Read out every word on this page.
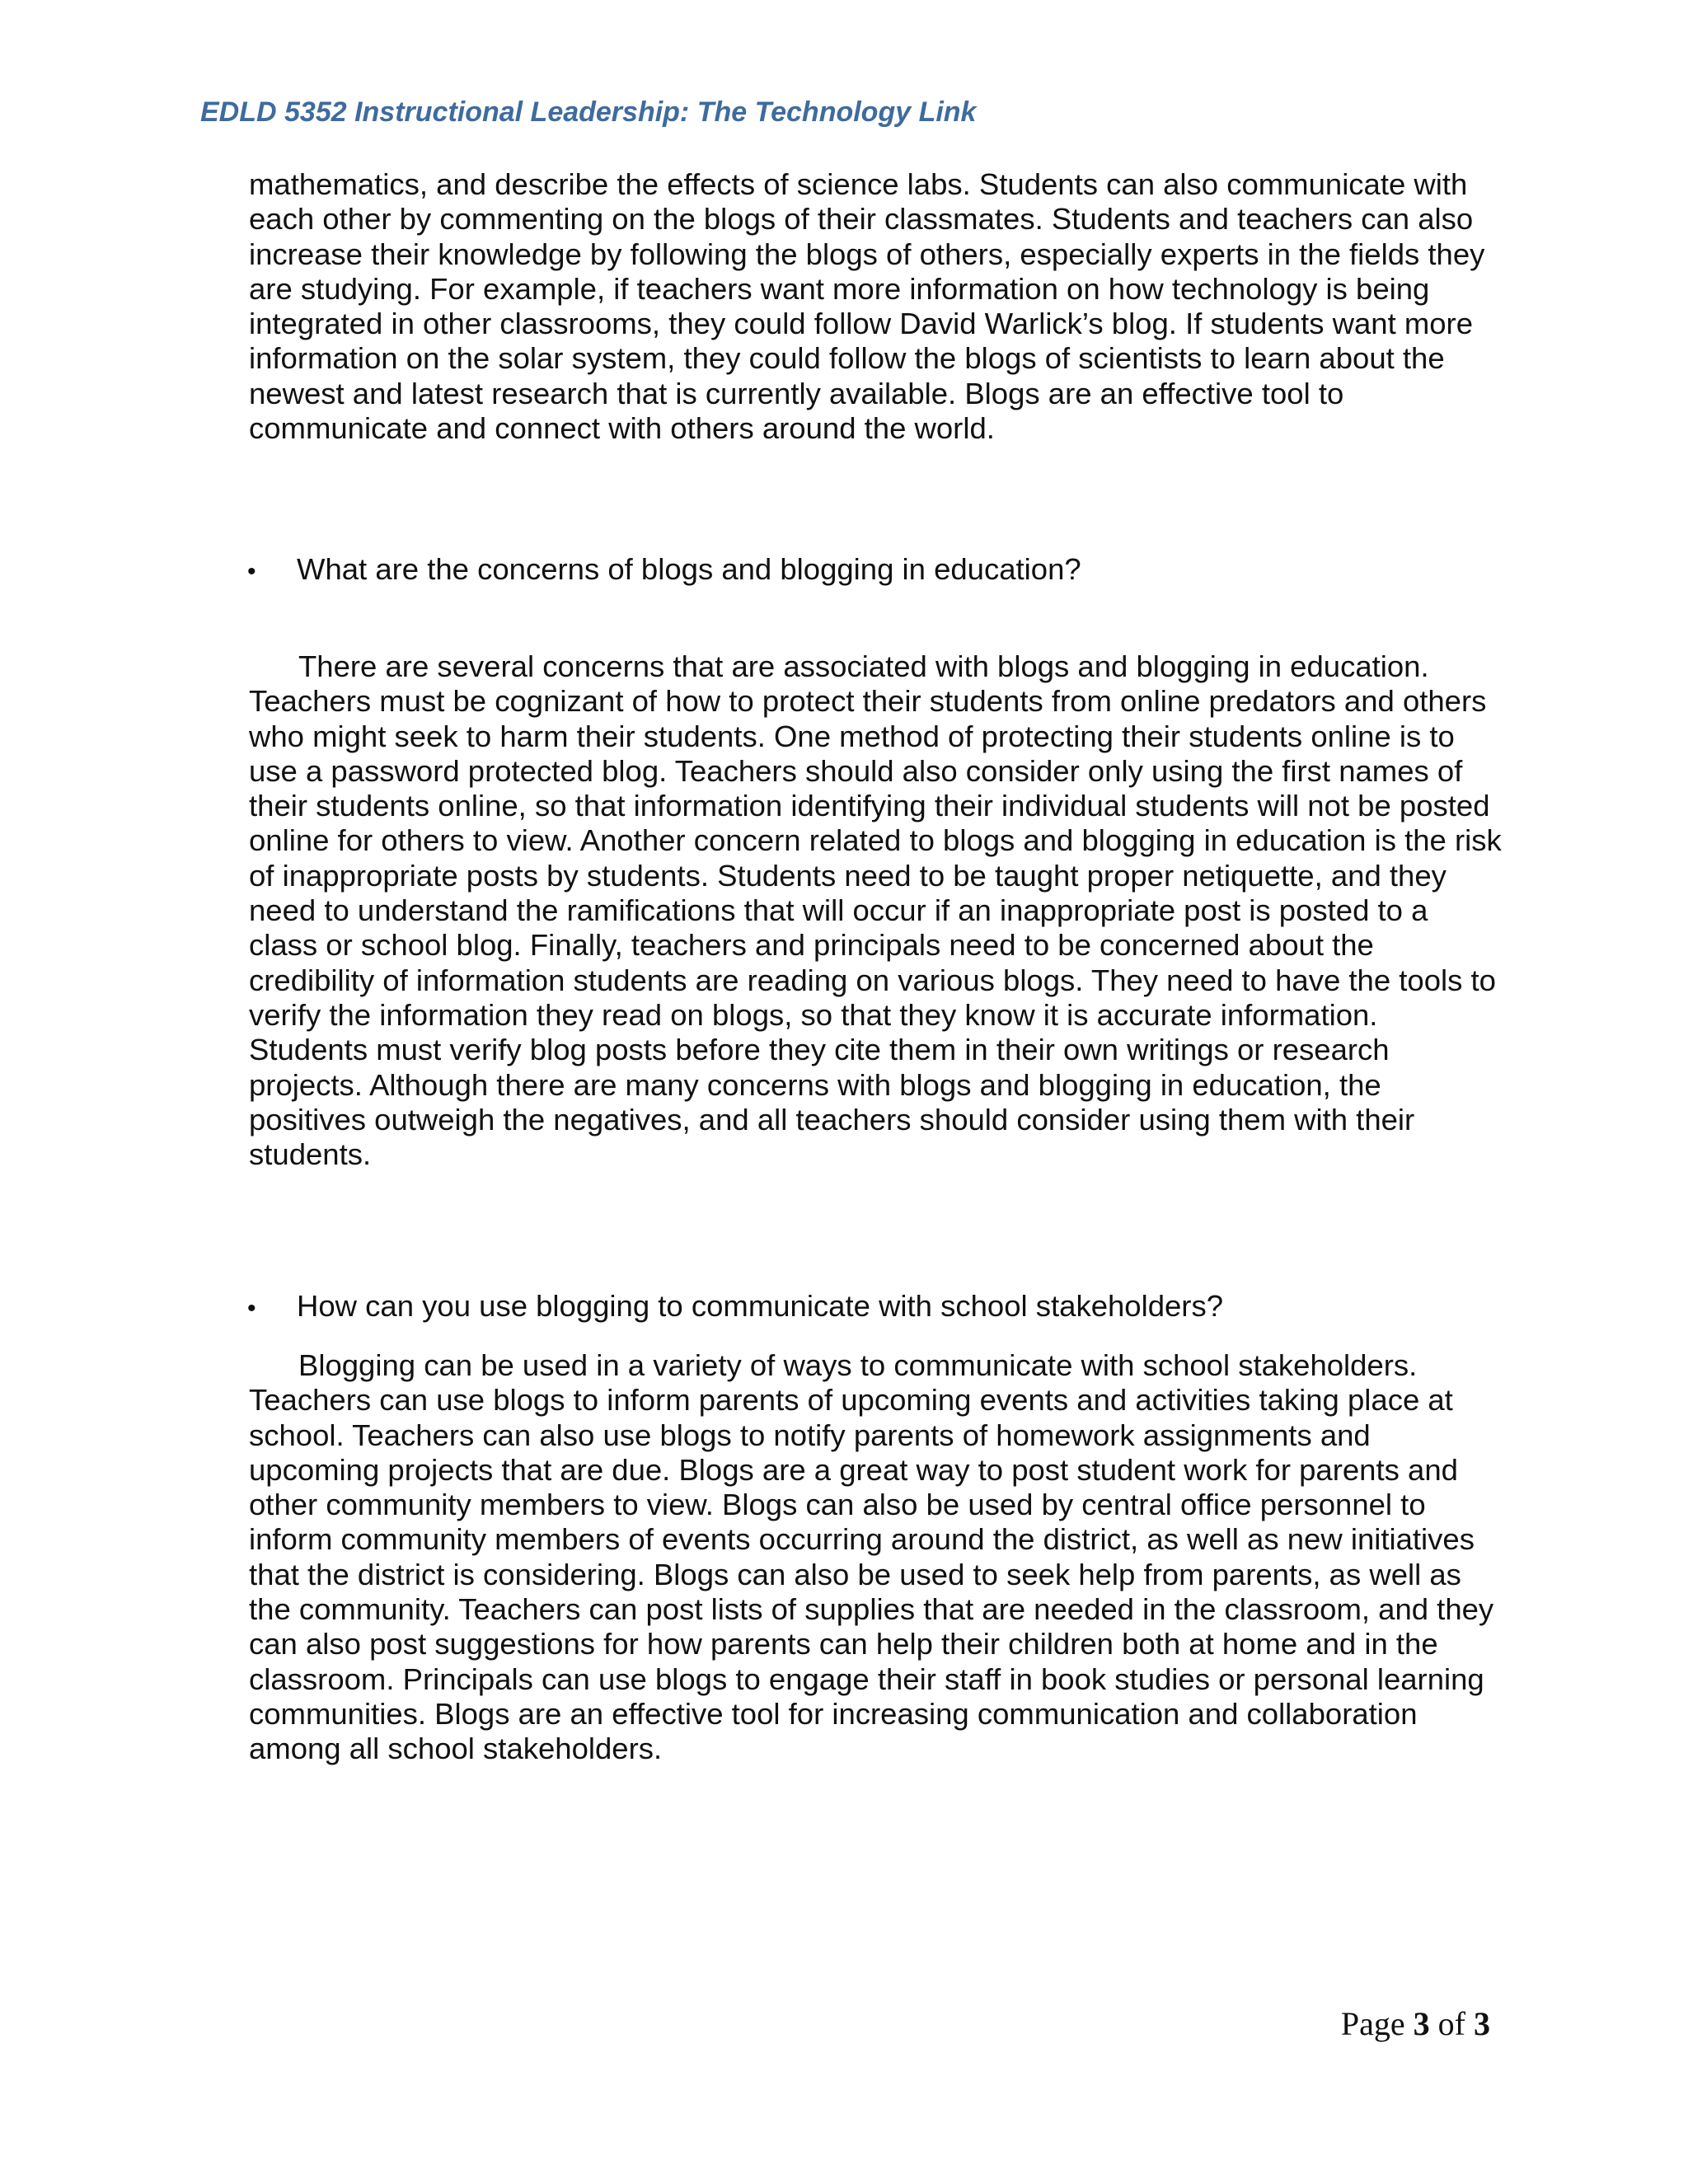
EDLD 5352 Instructional Leadership: The Technology Link

mathematics, and describe the effects of science labs. Students can also communicate with each other by commenting on the blogs of their classmates. Students and teachers can also increase their knowledge by following the blogs of others, especially experts in the fields they are studying. For example, if teachers want more information on how technology is being integrated in other classrooms, they could follow David Warlick’s blog. If students want more information on the solar system, they could follow the blogs of scientists to learn about the newest and latest research that is currently available. Blogs are an effective tool to communicate and connect with others around the world.

•	What are the concerns of blogs and blogging in education?

There are several concerns that are associated with blogs and blogging in education. Teachers must be cognizant of how to protect their students from online predators and others who might seek to harm their students. One method of protecting their students online is to use a password protected blog. Teachers should also consider only using the first names of their students online, so that information identifying their individual students will not be posted online for others to view. Another concern related to blogs and blogging in education is the risk of inappropriate posts by students. Students need to be taught proper netiquette, and they need to understand the ramifications that will occur if an inappropriate post is posted to a class or school blog. Finally, teachers and principals need to be concerned about the credibility of information students are reading on various blogs. They need to have the tools to verify the information they read on blogs, so that they know it is accurate information. Students must verify blog posts before they cite them in their own writings or research projects. Although there are many concerns with blogs and blogging in education, the positives outweigh the negatives, and all teachers should consider using them with their students.

•	How can you use blogging to communicate with school stakeholders?

Blogging can be used in a variety of ways to communicate with school stakeholders. Teachers can use blogs to inform parents of upcoming events and activities taking place at school. Teachers can also use blogs to notify parents of homework assignments and upcoming projects that are due. Blogs are a great way to post student work for parents and other community members to view. Blogs can also be used by central office personnel to inform community members of events occurring around the district, as well as new initiatives that the district is considering. Blogs can also be used to seek help from parents, as well as the community. Teachers can post lists of supplies that are needed in the classroom, and they can also post suggestions for how parents can help their children both at home and in the classroom. Principals can use blogs to engage their staff in book studies or personal learning communities. Blogs are an effective tool for increasing communication and collaboration among all school stakeholders.

Page 3 of 3
